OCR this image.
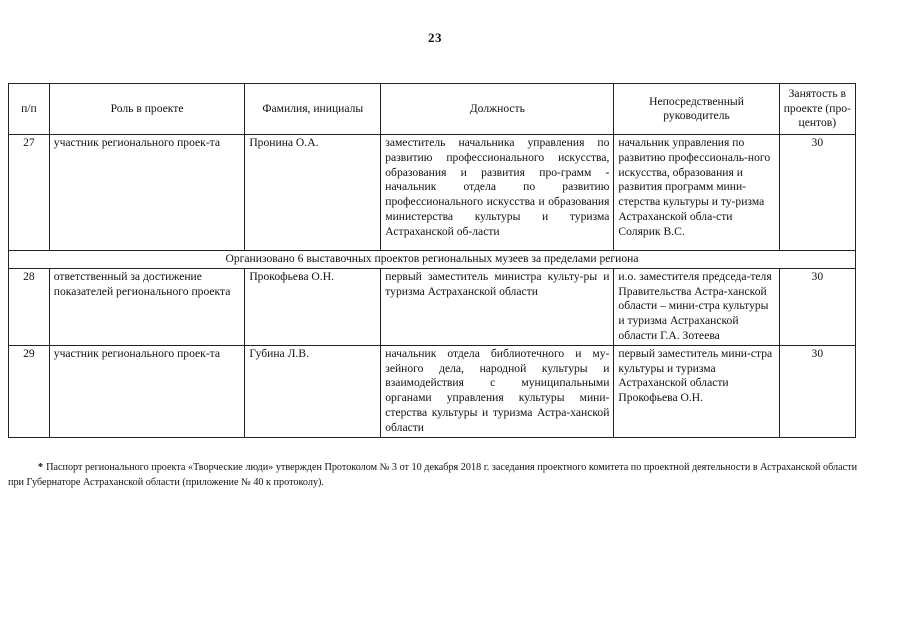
23
п/п	Роль в проекте	Фамилия, инициалы	Должность	Непосредственный руководитель	Занятость в проекте (про-центов)
27	участник регионального проек-та	Пронина О.А.	заместитель начальника управления по развитию профессионального искусства, образования и развития про-грамм - начальник отдела по развитию профессионального искусства и образования министерства культуры и туризма Астраханской об-ласти	начальник управления по развитию профессиональ-ного искусства, образования и развития программ мини-стерства культуры и ту-ризма Астраханской обла-сти Солярик В.С.	30
Организовано 6 выставочных проектов региональных музеев за пределами региона					
28	ответственный за достижение показателей регионального проекта	Прокофьева О.Н.	первый заместитель министра культу-ры и туризма Астраханской области	и.о. заместителя председа-теля Правительства Астра-ханской области – мини-стра культуры и туризма Астраханской области Г.А. Зотеева	30
29	участник регионального проек-та	Губина Л.В.	начальник отдела библиотечного и му-зейного дела, народной культуры и взаимодействия с муниципальными органами управления культуры мини-стерства культуры и туризма Астра-ханской области	первый заместитель мини-стра культуры и туризма Астраханской области Прокофьева О.Н.	30
* Паспорт регионального проекта «Творческие люди» утвержден Протоколом № 3 от 10 декабря 2018 г. заседания проектного комитета по проектной деятельности в Астраханской области при Губернаторе Астраханской области (приложение № 40 к протоколу).
